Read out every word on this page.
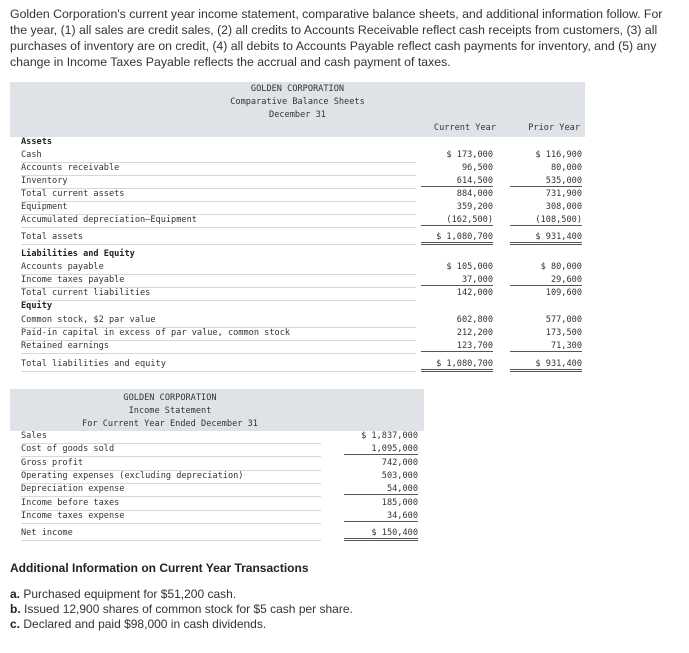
Golden Corporation's current year income statement, comparative balance sheets, and additional information follow. For the year, (1) all sales are credit sales, (2) all credits to Accounts Receivable reflect cash receipts from customers, (3) all purchases of inventory are on credit, (4) all debits to Accounts Payable reflect cash payments for inventory, and (5) any change in Income Taxes Payable reflects the accrual and cash payment of taxes.
GOLDEN CORPORATION
Comparative Balance Sheets
December 31
Current Year	Prior Year
Assets
Cash	$ 173,000	$ 116,900
Accounts receivable	96,500	80,000
Inventory	614,500	535,000
Total current assets	884,000	731,900
Equipment	359,200	308,000
Accumulated depreciation—Equipment	(162,500)	(108,500)
Total assets	$ 1,080,700	$ 931,400
Liabilities and Equity
Accounts payable	$ 105,000	$ 80,000
Income taxes payable	37,000	29,600
Total current liabilities	142,000	109,600
Equity
Common stock, $2 par value	602,800	577,000
Paid-in capital in excess of par value, common stock	212,200	173,500
Retained earnings	123,700	71,300
Total liabilities and equity	$ 1,080,700	$ 931,400
GOLDEN CORPORATION
Income Statement
For Current Year Ended December 31
Sales	$ 1,837,000
Cost of goods sold	1,095,000
Gross profit	742,000
Operating expenses (excluding depreciation)	503,000
Depreciation expense	54,000
Income before taxes	185,000
Income taxes expense	34,600
Net income	$ 150,400
Additional Information on Current Year Transactions
a. Purchased equipment for $51,200 cash.
b. Issued 12,900 shares of common stock for $5 cash per share.
c. Declared and paid $98,000 in cash dividends.
